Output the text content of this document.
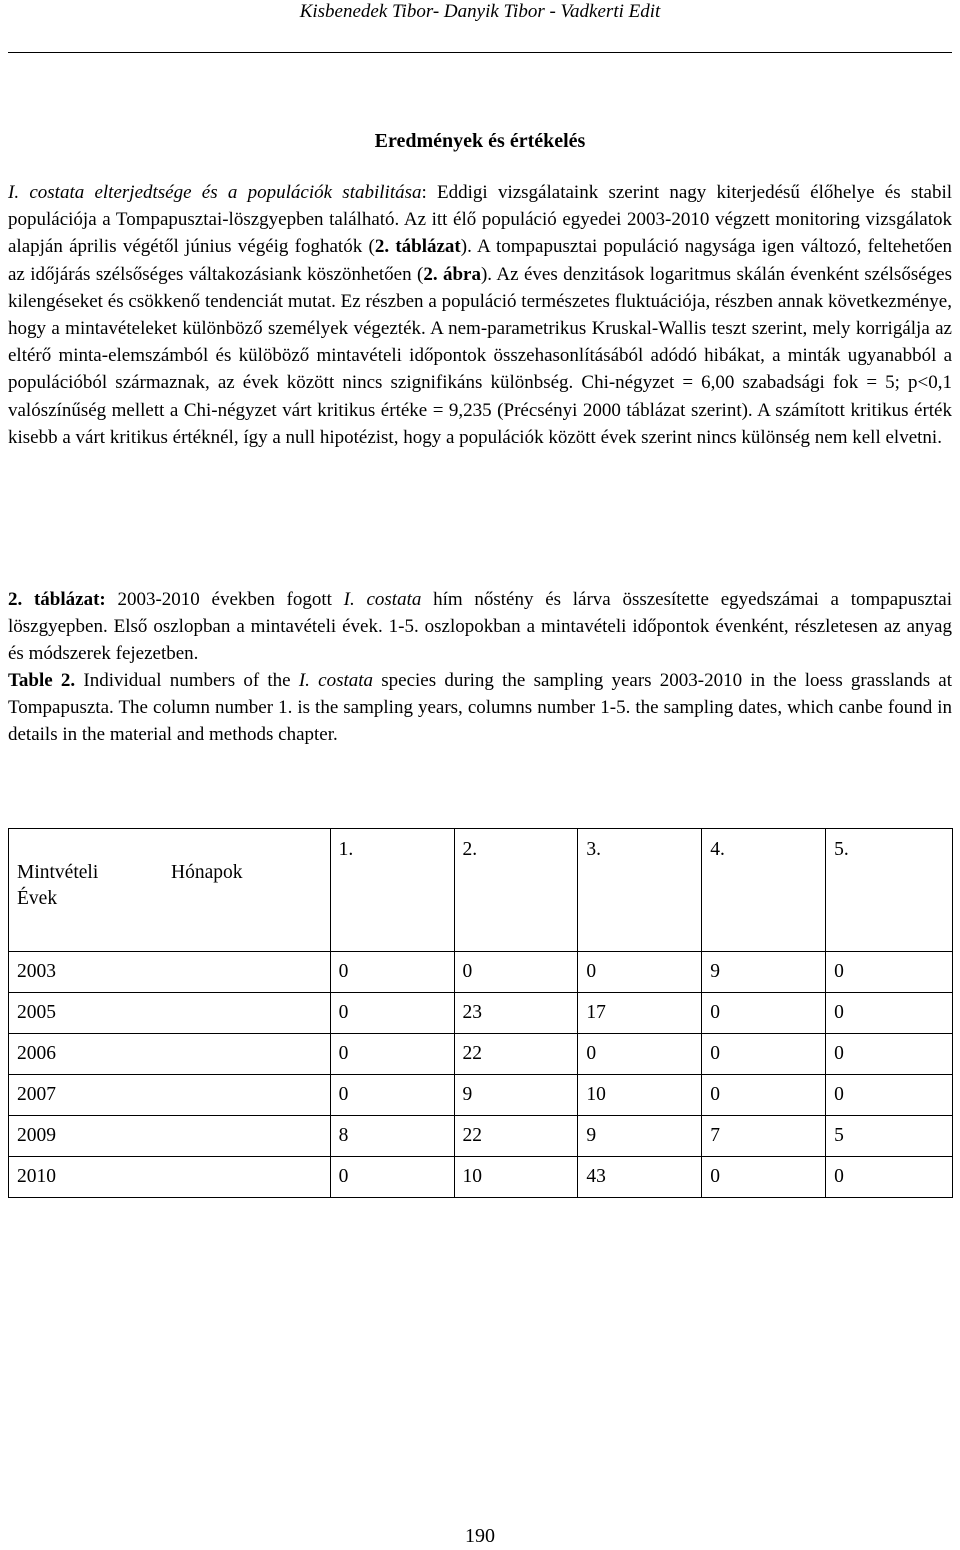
Kisbenedek Tibor- Danyik Tibor - Vadkerti Edit
Eredmények és értékelés
I. costata elterjedtsége és a populációk stabilitása: Eddigi vizsgálataink szerint nagy kiterjedésű élőhelye és stabil populációja a Tompapusztai-löszgyepben található. Az itt élő populáció egyedei 2003-2010 végzett monitoring vizsgálatok alapján április végétől június végéig foghatók (2. táblázat). A tompapusztai populáció nagysága igen változó, feltehetően az időjárás szélsőséges váltakozásiank köszönhetően (2. ábra). Az éves denzitások logaritmus skálán évenként szélsőséges kilengéseket és csökkenő tendenciát mutat. Ez részben a populáció természetes fluktuációja, részben annak következménye, hogy a mintavételeket különböző személyek végezték. A nem-parametrikus Kruskal-Wallis teszt szerint, mely korrigálja az eltérő minta-elemszámból és külöböző mintavételi időpontok összehasonlításából adódó hibákat, a minták ugyanabból a populációból származnak, az évek között nincs szignifikáns különbség. Chi-négyzet = 6,00 szabadsági fok = 5; p<0,1 valószínűség mellett a Chi-négyzet várt kritikus értéke = 9,235 (Précsényi 2000 táblázat szerint). A számított kritikus érték kisebb a várt kritikus értéknél, így a null hipotézist, hogy a populációk között évek szerint nincs különség nem kell elvetni.
2. táblázat: 2003-2010 években fogott I. costata hím nőstény és lárva összesítette egyedszámai a tompapusztai löszgyepben. Első oszlopban a mintavételi évek. 1-5. oszlopokban a mintavételi időpontok évenként, részletesen az anyag és módszerek fejezetben.
Table 2. Individual numbers of the I. costata species during the sampling years 2003-2010 in the loess grasslands at Tompapuszta. The column number 1. is the sampling years, columns number 1-5. the sampling dates, which canbe found in details in the material and methods chapter.
Mintvételi Hónapok
Évek	1.	2.	3.	4.	5.
2003	0	0	0	9	0
2005	0	23	17	0	0
2006	0	22	0	0	0
2007	0	9	10	0	0
2009	8	22	9	7	5
2010	0	10	43	0	0
190
